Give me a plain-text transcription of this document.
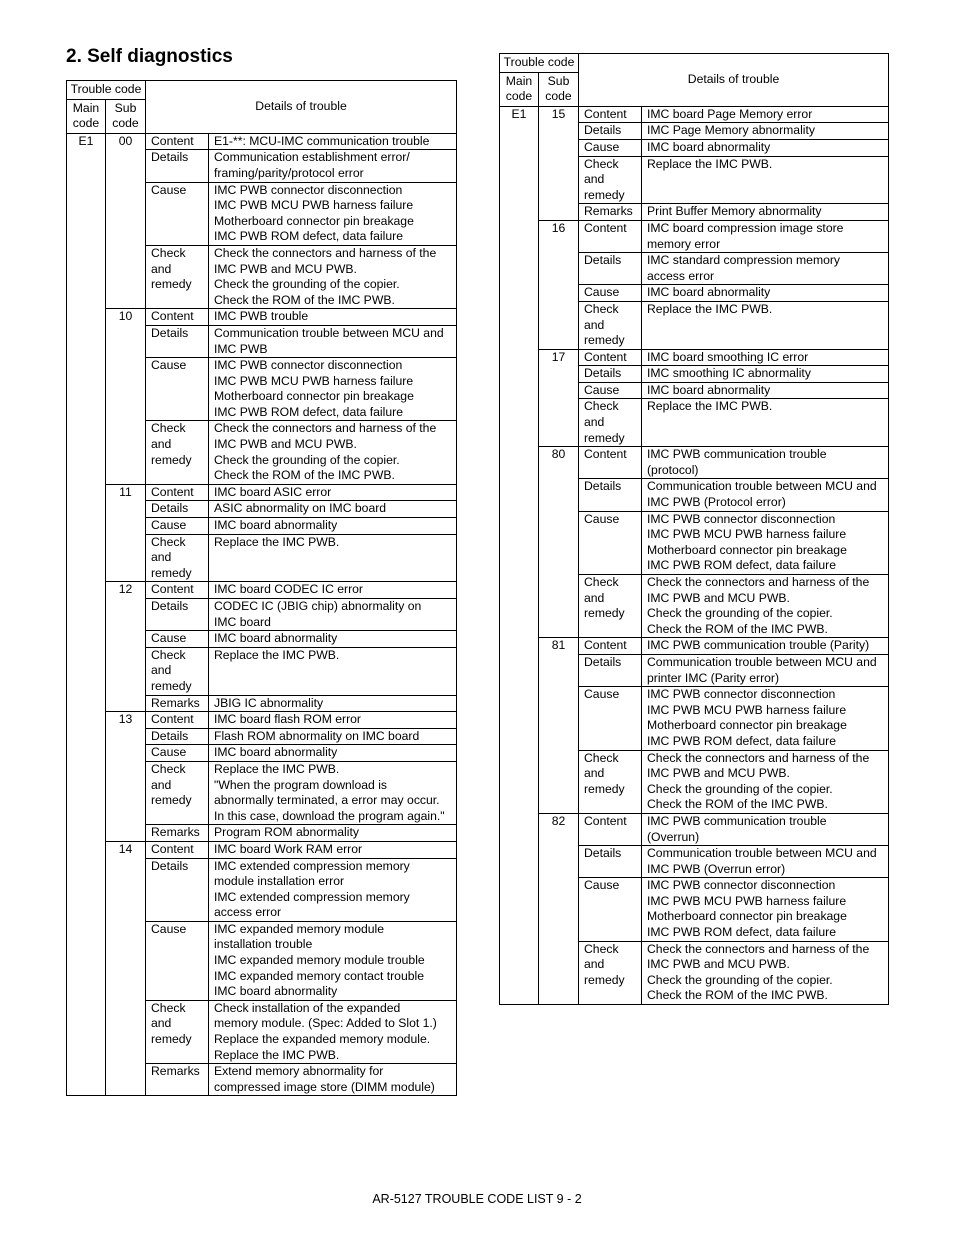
2. Self diagnostics
Trouble code		Details of trouble	
Main code	Sub code		
E1	00	Content	E1-**: MCU-IMC communication trouble
		Details	Communication establishment error/
framing/parity/protocol error
		Cause	IMC PWB connector disconnection
IMC PWB MCU PWB harness failure
Motherboard connector pin breakage
IMC PWB ROM defect, data failure
		Check
and
remedy	Check the connectors and harness of the
IMC PWB and MCU PWB.
Check the grounding of the copier.
Check the ROM of the IMC PWB.
	10	Content	IMC PWB trouble
		Details	Communication trouble between MCU and
IMC PWB
		Cause	IMC PWB connector disconnection
IMC PWB MCU PWB harness failure
Motherboard connector pin breakage
IMC PWB ROM defect, data failure
		Check
and
remedy	Check the connectors and harness of the
IMC PWB and MCU PWB.
Check the grounding of the copier.
Check the ROM of the IMC PWB.
	11	Content	IMC board ASIC error
		Details	ASIC abnormality on IMC board
		Cause	IMC board abnormality
		Check
and
remedy	Replace the IMC PWB.
	12	Content	IMC board CODEC IC error
		Details	CODEC IC (JBIG chip) abnormality on
IMC board
		Cause	IMC board abnormality
		Check
and
remedy	Replace the IMC PWB.
		Remarks	JBIG IC abnormality
	13	Content	IMC board flash ROM error
		Details	Flash ROM abnormality on IMC board
		Cause	IMC board abnormality
		Check
and
remedy	Replace the IMC PWB.
"When the program download is
abnormally terminated, a error may occur.
In this case, download the program again."
		Remarks	Program ROM abnormality
	14	Content	IMC board Work RAM error
		Details	IMC extended compression memory
module installation error
IMC extended compression memory
access error
		Cause	IMC expanded memory module
installation trouble
IMC expanded memory module trouble
IMC expanded memory contact trouble
IMC board abnormality
		Check
and
remedy	Check installation of the expanded
memory module. (Spec: Added to Slot 1.)
Replace the expanded memory module.
Replace the IMC PWB.
		Remarks	Extend memory abnormality for
compressed image store (DIMM module)
Trouble code		Details of trouble	
Main code	Sub code		
E1	15	Content	IMC board Page Memory error
		Details	IMC Page Memory abnormality
		Cause	IMC board abnormality
		Check
and
remedy	Replace the IMC PWB.
		Remarks	Print Buffer Memory abnormality
	16	Content	IMC board compression image store
memory error
		Details	IMC standard compression memory
access error
		Cause	IMC board abnormality
		Check
and
remedy	Replace the IMC PWB.
	17	Content	IMC board smoothing IC error
		Details	IMC smoothing IC abnormality
		Cause	IMC board abnormality
		Check
and
remedy	Replace the IMC PWB.
	80	Content	IMC PWB communication trouble
(protocol)
		Details	Communication trouble between MCU and
IMC PWB (Protocol error)
		Cause	IMC PWB connector disconnection
IMC PWB MCU PWB harness failure
Motherboard connector pin breakage
IMC PWB ROM defect, data failure
		Check
and
remedy	Check the connectors and harness of the
IMC PWB and MCU PWB.
Check the grounding of the copier.
Check the ROM of the IMC PWB.
	81	Content	IMC PWB communication trouble (Parity)
		Details	Communication trouble between MCU and
printer IMC (Parity error)
		Cause	IMC PWB connector disconnection
IMC PWB MCU PWB harness failure
Motherboard connector pin breakage
IMC PWB ROM defect, data failure
		Check
and
remedy	Check the connectors and harness of the
IMC PWB and MCU PWB.
Check the grounding of the copier.
Check the ROM of the IMC PWB.
	82	Content	IMC PWB communication trouble
(Overrun)
		Details	Communication trouble between MCU and
IMC PWB (Overrun error)
		Cause	IMC PWB connector disconnection
IMC PWB MCU PWB harness failure
Motherboard connector pin breakage
IMC PWB ROM defect, data failure
		Check
and
remedy	Check the connectors and harness of the
IMC PWB and MCU PWB.
Check the grounding of the copier.
Check the ROM of the IMC PWB.
AR-5127 TROUBLE CODE LIST 9 - 2
